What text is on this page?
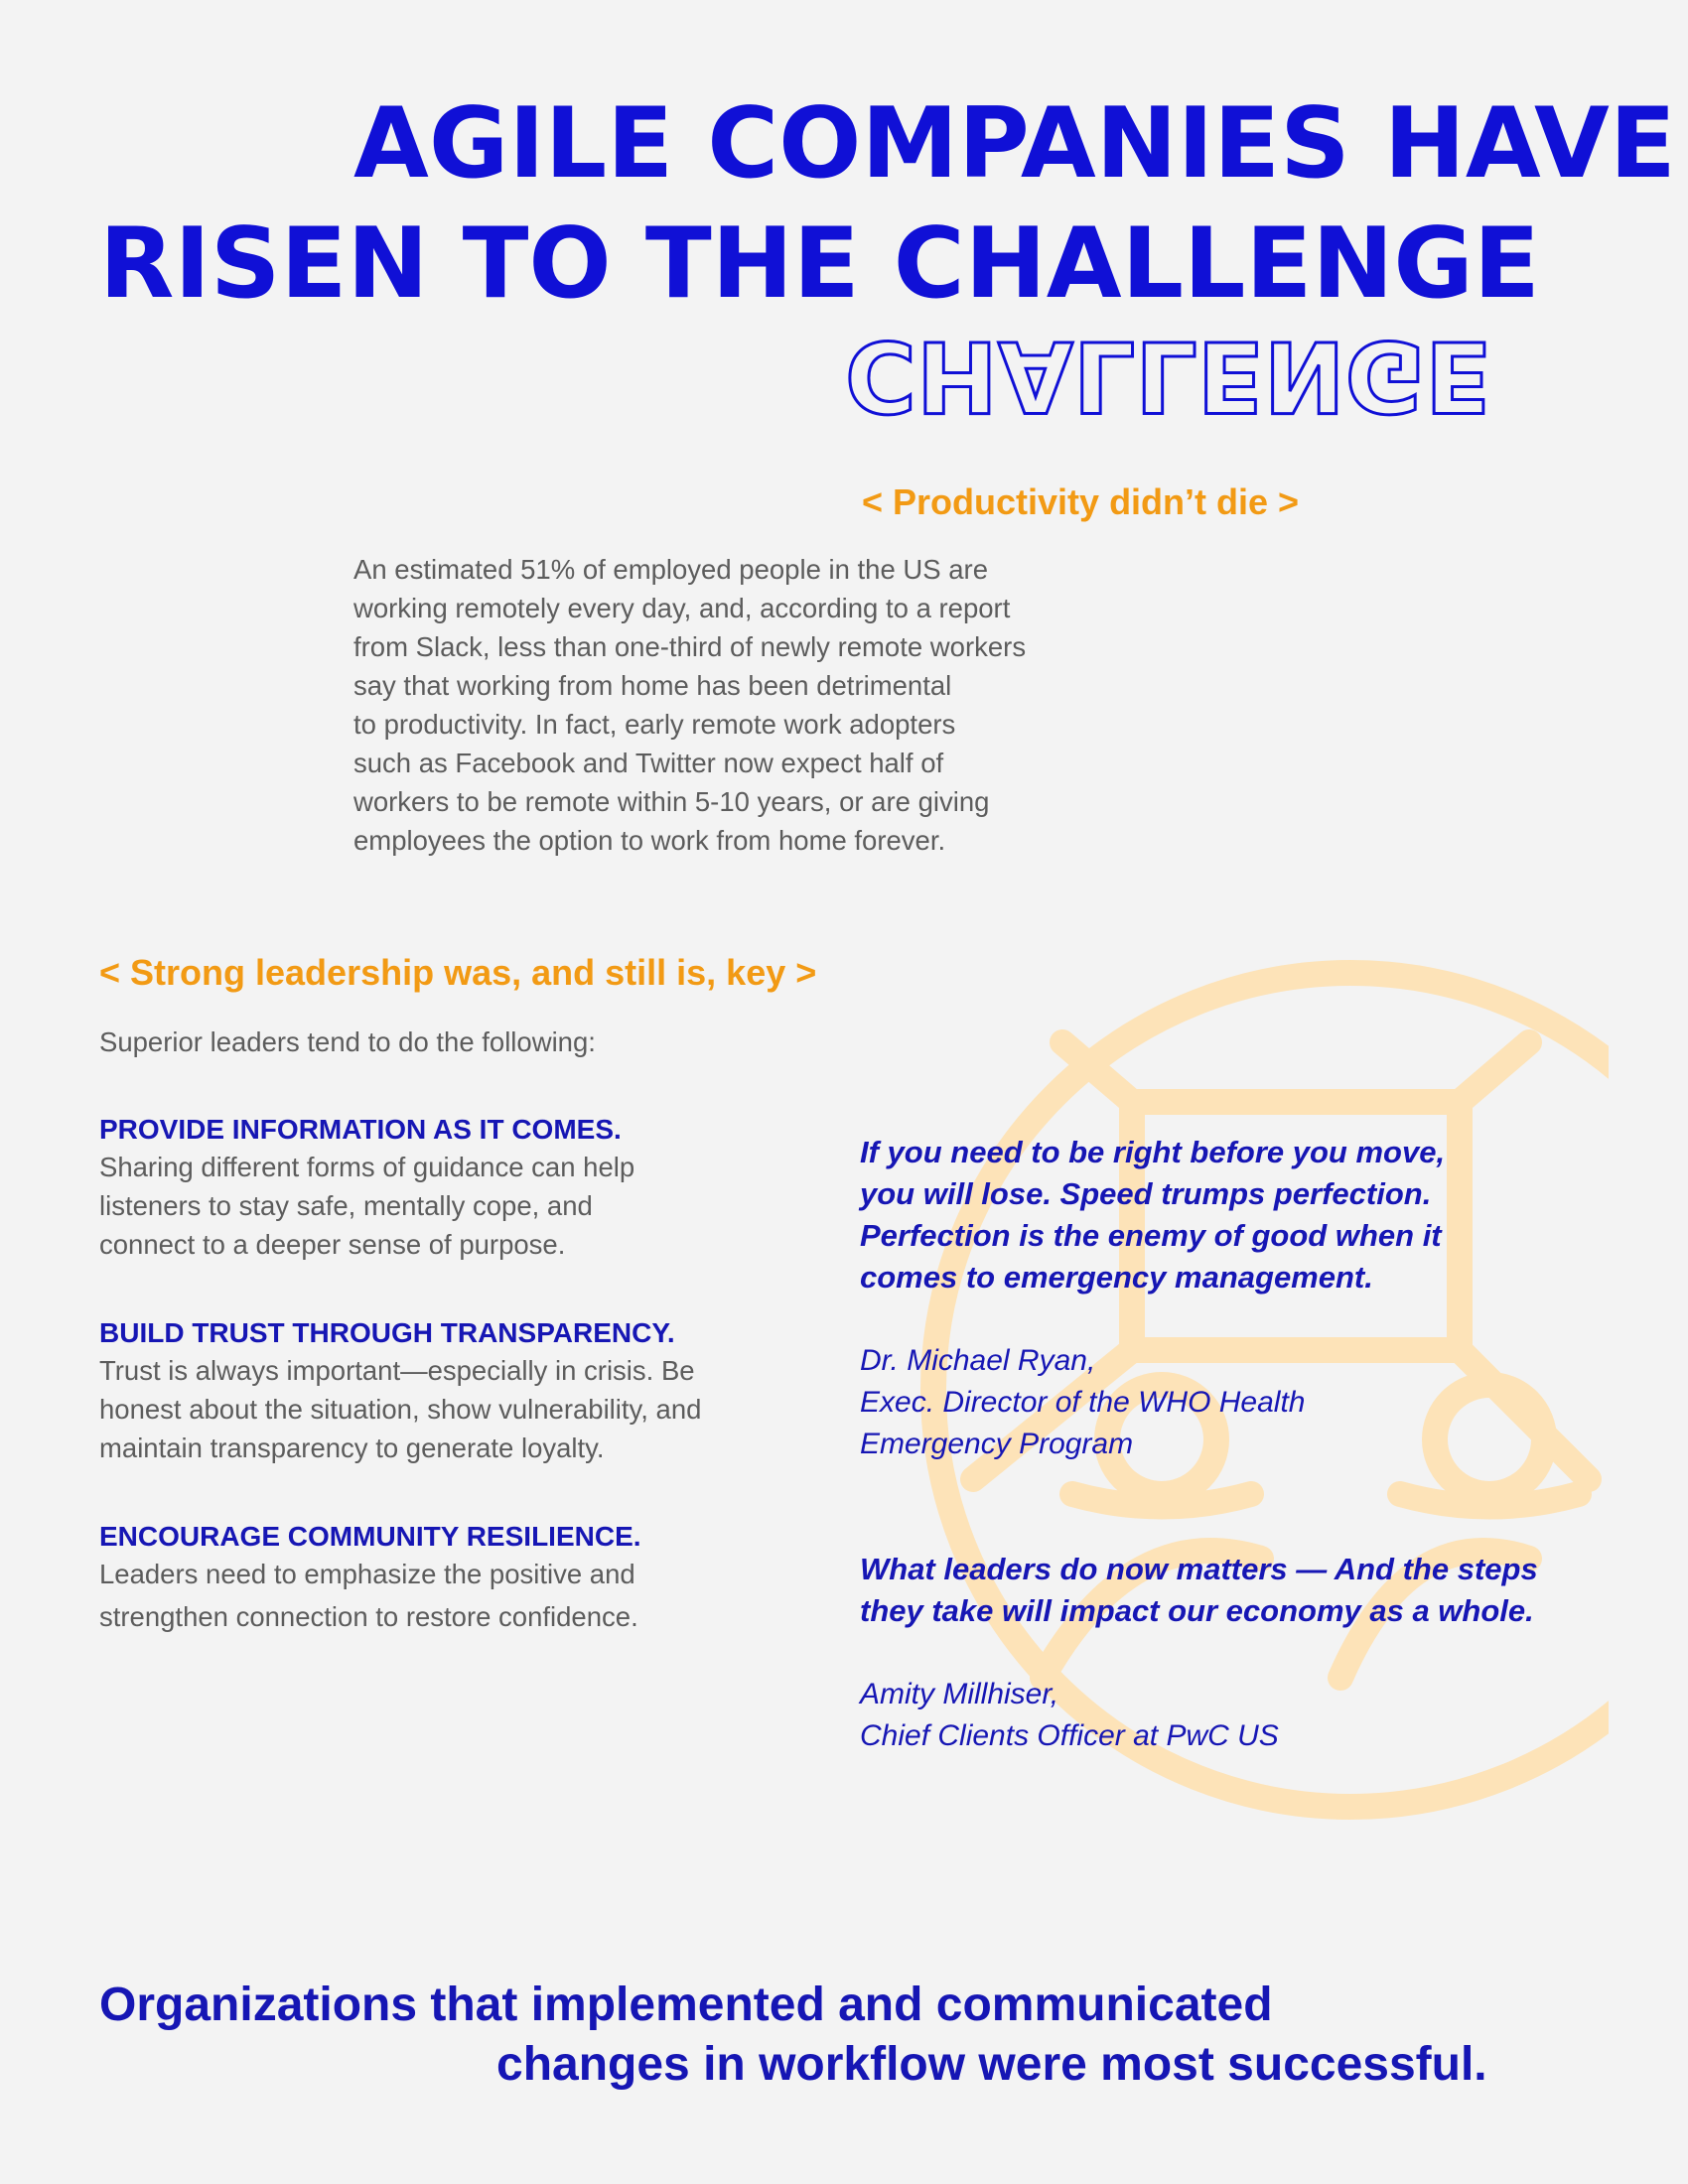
AGILE COMPANIES HAVE
RISEN TO THE CHALLENGE
CHALLENGE
< Productivity didn’t die >
An estimated 51% of employed people in the US are
working remotely every day, and, according to a report
from Slack, less than one-third of newly remote workers
say that working from home has been detrimental
to productivity. In fact, early remote work adopters
such as Facebook and Twitter now expect half of
workers to be remote within 5-10 years, or are giving
employees the option to work from home forever.
< Strong leadership was, and still is, key >
Superior leaders tend to do the following:
PROVIDE INFORMATION AS IT COMES.
Sharing different forms of guidance can help
listeners to stay safe, mentally cope, and
connect to a deeper sense of purpose.
BUILD TRUST THROUGH TRANSPARENCY.
Trust is always important—especially in crisis. Be
honest about the situation, show vulnerability, and
maintain transparency to generate loyalty.
ENCOURAGE COMMUNITY RESILIENCE.
Leaders need to emphasize the positive and
strengthen connection to restore confidence.
If you need to be right before you move,
you will lose. Speed trumps perfection.
Perfection is the enemy of good when it
comes to emergency management.
Dr. Michael Ryan,
Exec. Director of the WHO Health
Emergency Program
What leaders do now matters — And the steps
they take will impact our economy as a whole.
Amity Millhiser,
Chief Clients Officer at PwC US
Organizations that implemented and communicated
changes in workflow were most successful.
